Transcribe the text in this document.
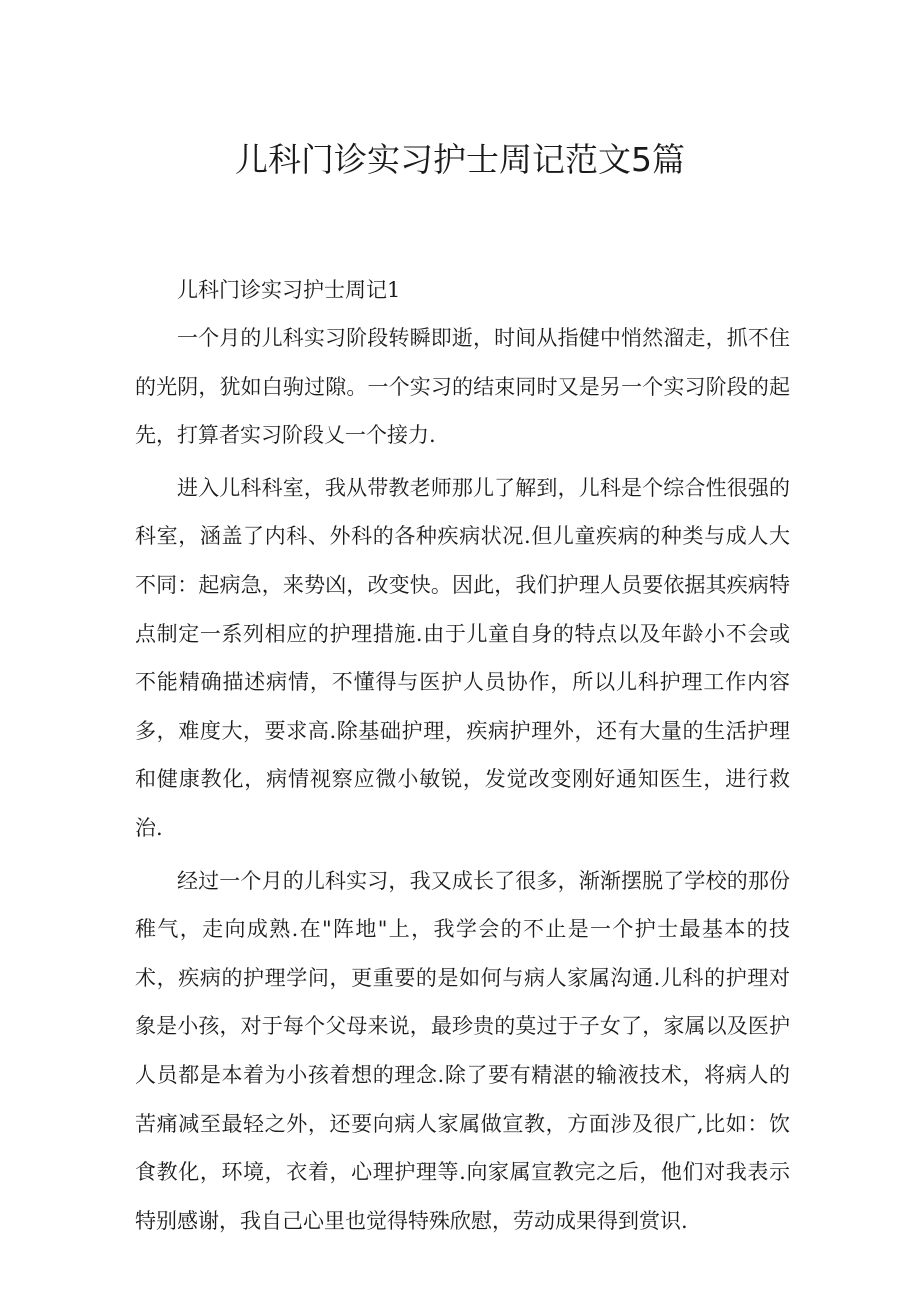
儿科门诊实习护士周记范文5篇

儿科门诊实习护士周记1

一个月的儿科实习阶段转瞬即逝，时间从指健中悄然溜走，抓不住的光阴，犹如白驹过隙。一个实习的结束同时又是另一个实习阶段的起先，打算者实习阶段乂一个接力.

进入儿科科室，我从带教老师那儿了解到，儿科是个综合性很强的科室，涵盖了内科、外科的各种疾病状况.但儿童疾病的种类与成人大不同：起病急，来势凶，改变快。因此，我们护理人员要依据其疾病特点制定一系列相应的护理措施.由于儿童自身的特点以及年龄小不会或不能精确描述病情，不懂得与医护人员协作，所以儿科护理工作内容多，难度大，要求高.除基础护理，疾病护理外，还有大量的生活护理和健康教化，病情视察应微小敏锐，发觉改变刚好通知医生，进行救治.

经过一个月的儿科实习，我又成长了很多，渐渐摆脱了学校的那份稚气，走向成熟.在"阵地"上，我学会的不止是一个护士最基本的技术，疾病的护理学问，更重要的是如何与病人家属沟通.儿科的护理对象是小孩，对于每个父母来说，最珍贵的莫过于子女了，家属以及医护人员都是本着为小孩着想的理念.除了要有精湛的输液技术，将病人的苦痛减至最轻之外，还要向病人家属做宣教，方面涉及很广,比如：饮食教化，环境，衣着，心理护理等.向家属宣教完之后，他们对我表示特别感谢，我自己心里也觉得特殊欣慰，劳动成果得到赏识.
